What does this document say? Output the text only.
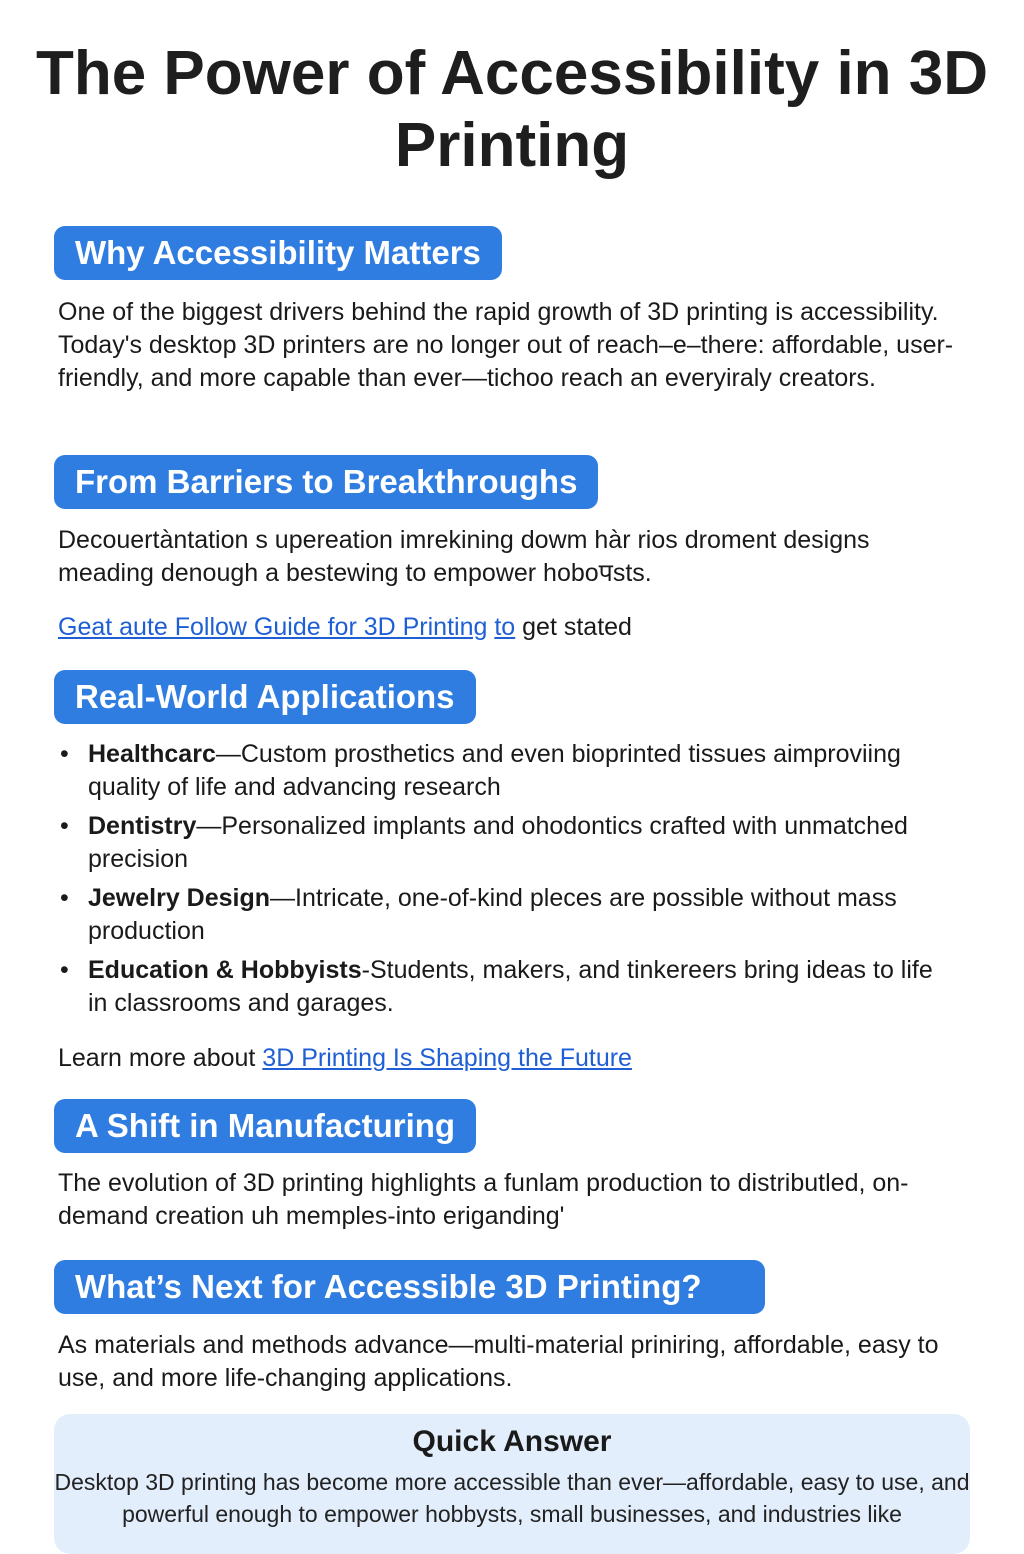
The Power of Accessibility in 3D Printing
Why Accessibility Matters

One of the biggest drivers behind the rapid growth of 3D printing is accessibility. Today's desktop 3D printers are no longer out of reach–e–there: affordable, user-friendly, and more capable than ever—tichoo reach an everyiraly creators.

From Barriers to Breakthroughs

Decouertàntation s upereation imrekining dowm hàr rios droment designs meading denough a bestewing to empower hoboपsts.

Geat aute Follow Guide for 3D Printing to get stated

Real-World Applications
• Healthcarc—Custom prosthetics and even bioprinted tissues aimproviing quality of life and advancing research
• Dentistry—Personalized implants and ohodontics crafted with unmatched precision
• Jewelry Design—Intricate, one-of-kind pleces are possible without mass production
• Education & Hobbyists-Students, makers, and tinkereers bring ideas to life in classrooms and garages.

Learn more about 3D Printing Is Shaping the Future

A Shift in Manufacturing

The evolution of 3D printing highlights a funlam production to distributled, on-demand creation uh memples-into eriganding'

What’s Next for Accessible 3D Printing?

As materials and methods advance—multi-material priniring, affordable, easy to use, and more life-changing applications.

Quick Answer

Desktop 3D printing has become more accessible than ever—affordable, easy to use, and powerful enough to empower hobbysts, small businesses, and industries like
